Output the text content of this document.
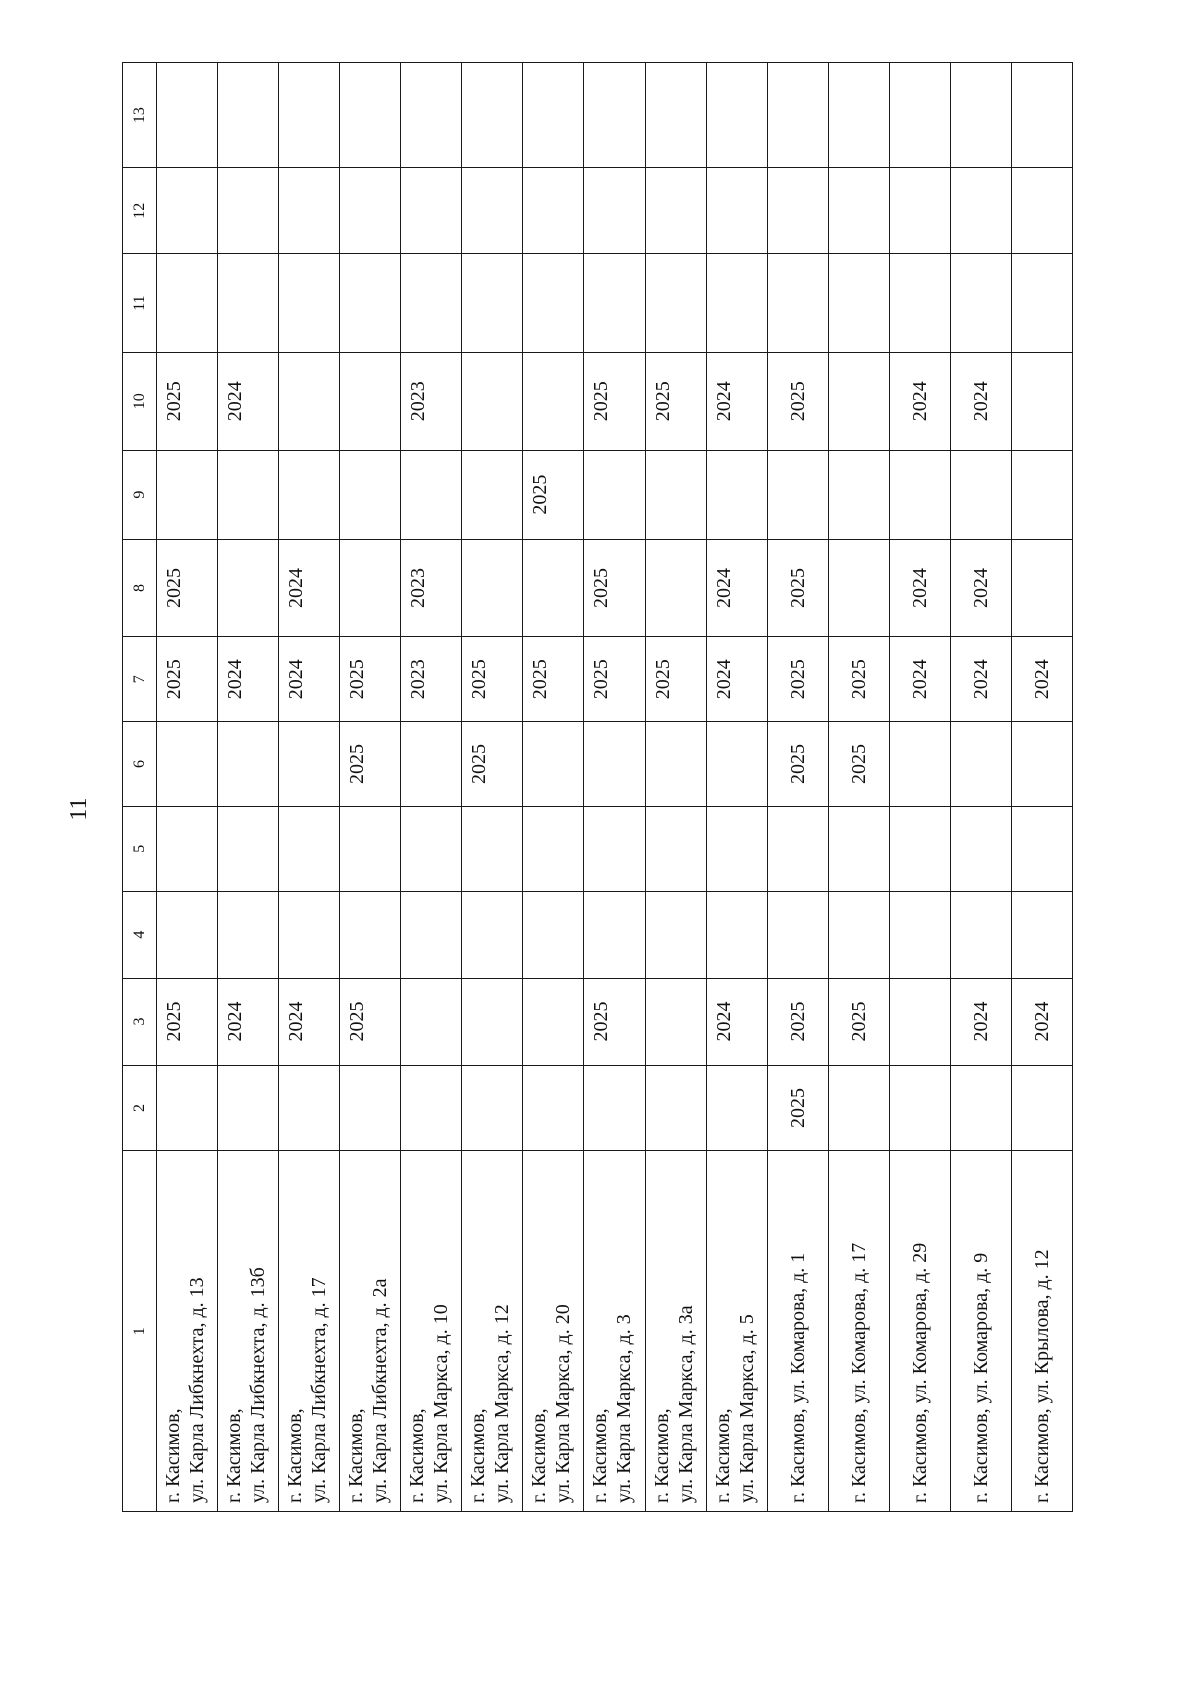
11
1	2	3	4	5	6	7	8	9	10	11	12	13

г. Касимов, ул. Карла Либкнехта, д. 13		2025				2025	2025		2025			

г. Касимов, ул. Карла Либкнехта, д. 13б		2024				2024			2024			

г. Касимов, ул. Карла Либкнехта, д. 17		2024				2024	2024					

г. Касимов, ул. Карла Либкнехта, д. 2а		2025			2025	2025						

г. Касимов, ул. Карла Маркса, д. 10						2023	2023		2023			

г. Касимов, ул. Карла Маркса, д. 12					2025	2025						

г. Касимов, ул. Карла Маркса, д. 20						2025		2025				

г. Касимов, ул. Карла Маркса, д. 3		2025				2025	2025		2025			

г. Касимов, ул. Карла Маркса, д. 3а						2025			2025			

г. Касимов, ул. Карла Маркса, д. 5		2024				2024	2024		2024			

г. Касимов, ул. Комарова, д. 1	2025	2025			2025	2025	2025		2025			

г. Касимов, ул. Комарова, д. 17		2025			2025	2025						

г. Касимов, ул. Комарова, д. 29						2024	2024		2024			

г. Касимов, ул. Комарова, д. 9		2024				2024	2024		2024			

г. Касимов, ул. Крылова, д. 12		2024				2024						
